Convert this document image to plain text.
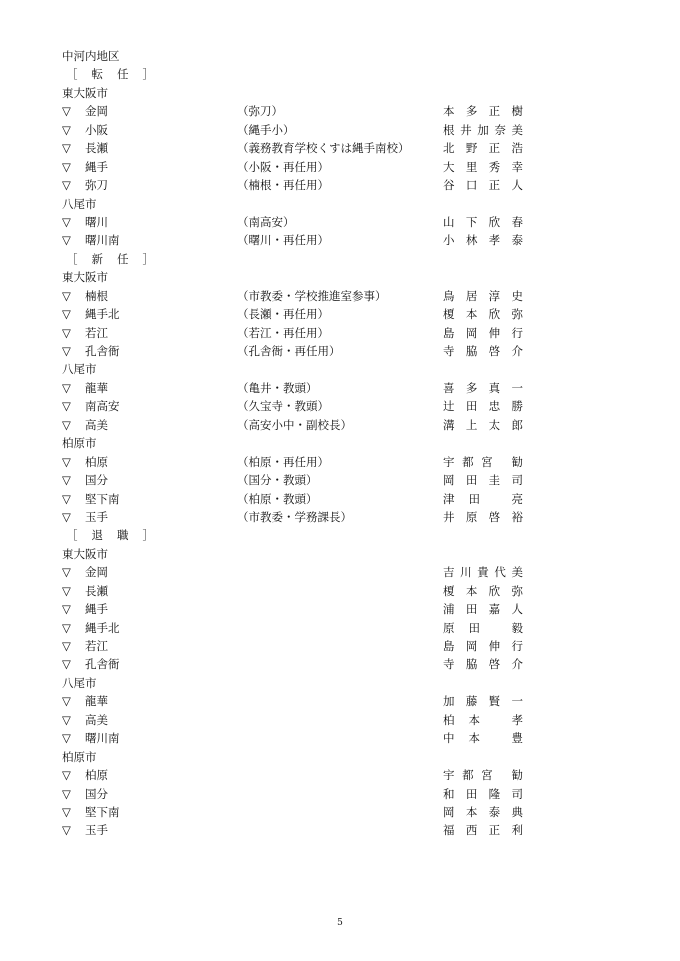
中河内地区
［ 転 任 ］
東大阪市
▽ 金岡	（弥刀）	本多正樹
▽ 小阪	（縄手小）	根井加奈美
▽ 長瀬	（義務教育学校くすは縄手南校）	北野正浩
▽ 縄手	（小阪・再任用）	大里秀幸
▽ 弥刀	（楠根・再任用）	谷口正人
八尾市
▽ 曙川	（南高安）	山下欣春
▽ 曙川南	（曙川・再任用）	小林孝泰
［ 新 任 ］
東大阪市
▽ 楠根	（市教委・学校推進室参事）	鳥居淳史
▽ 縄手北	（長瀬・再任用）	榎本欣弥
▽ 若江	（若江・再任用）	島岡伸行
▽ 孔舎衙	（孔舎衙・再任用）	寺脇啓介
八尾市
▽ 龍華	（亀井・教頭）	喜多真一
▽ 南高安	（久宝寺・教頭）	辻田忠勝
▽ 高美	（高安小中・副校長）	溝上太郎
柏原市
▽ 柏原	（柏原・再任用）	宇都宮 勧
▽ 国分	（国分・教頭）	岡田圭司
▽ 堅下南	（柏原・教頭）	津田 亮
▽ 玉手	（市教委・学務課長）	井原啓裕
［ 退 職 ］
東大阪市
▽ 金岡	吉川貴代美
▽ 長瀬	榎本欣弥
▽ 縄手	浦田嘉人
▽ 縄手北	原田 毅
▽ 若江	島岡伸行
▽ 孔舎衙	寺脇啓介
八尾市
▽ 龍華	加藤賢一
▽ 高美	柏本 孝
▽ 曙川南	中本 豊
柏原市
▽ 柏原	宇都宮 勧
▽ 国分	和田隆司
▽ 堅下南	岡本泰典
▽ 玉手	福西正利
5
